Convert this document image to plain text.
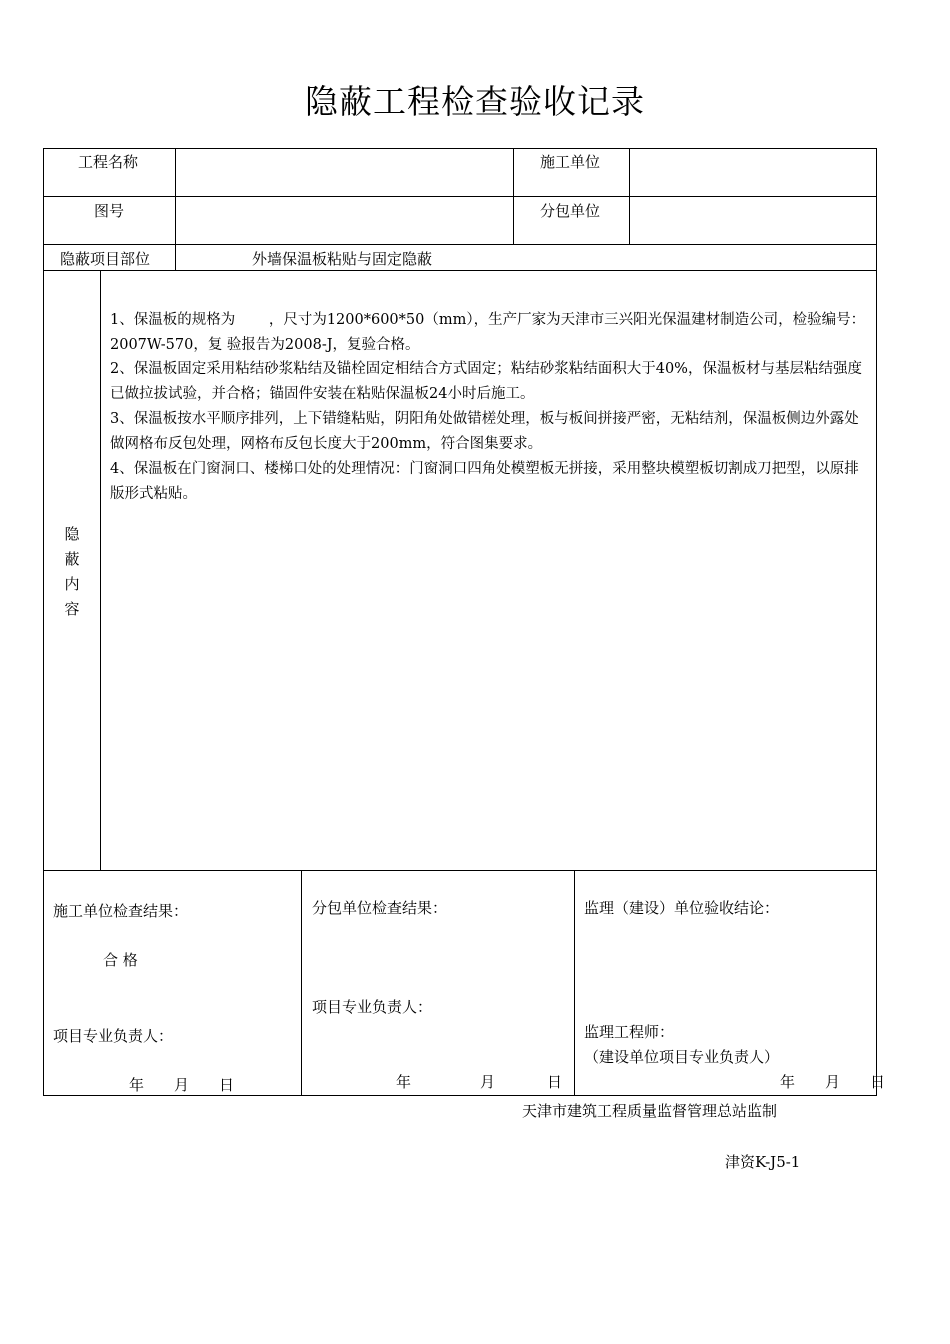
隐蔽工程检查验收记录
工程名称	施工单位
图号	分包单位
隐蔽项目部位	外墙保温板粘贴与固定隐蔽
隐蔽内容
1、保温板的规格为 　　，尺寸为1200*600*50（mm），生产厂家为天津市三兴阳光保温建材制造公司，检验编号：2007W-570，复 验报告为2008-J，复验合格。
2、保温板固定采用粘结砂浆粘结及锚栓固定相结合方式固定；粘结砂浆粘结面积大于40%，保温板材与基层粘结强度已做拉拔试验，并合格；锚固件安装在粘贴保温板24小时后施工。
3、保温板按水平顺序排列，上下错缝粘贴，阴阳角处做错槎处理，板与板间拼接严密，无粘结剂，保温板侧边外露处做网格布反包处理，网格布反包长度大于200mm，符合图集要求。
4、保温板在门窗洞口、楼梯口处的处理情况：门窗洞口四角处模塑板无拼接，采用整块模塑板切割成刀把型，以原排版形式粘贴。
施工单位检查结果：
合 格
项目专业负责人：
年　　月　　日
分包单位检查结果：
项目专业负责人：
年	月	日
监理（建设）单位验收结论：
监理工程师：
（建设单位项目专业负责人）
年　　月　　日
天津市建筑工程质量监督管理总站监制
津资K-J5-1
